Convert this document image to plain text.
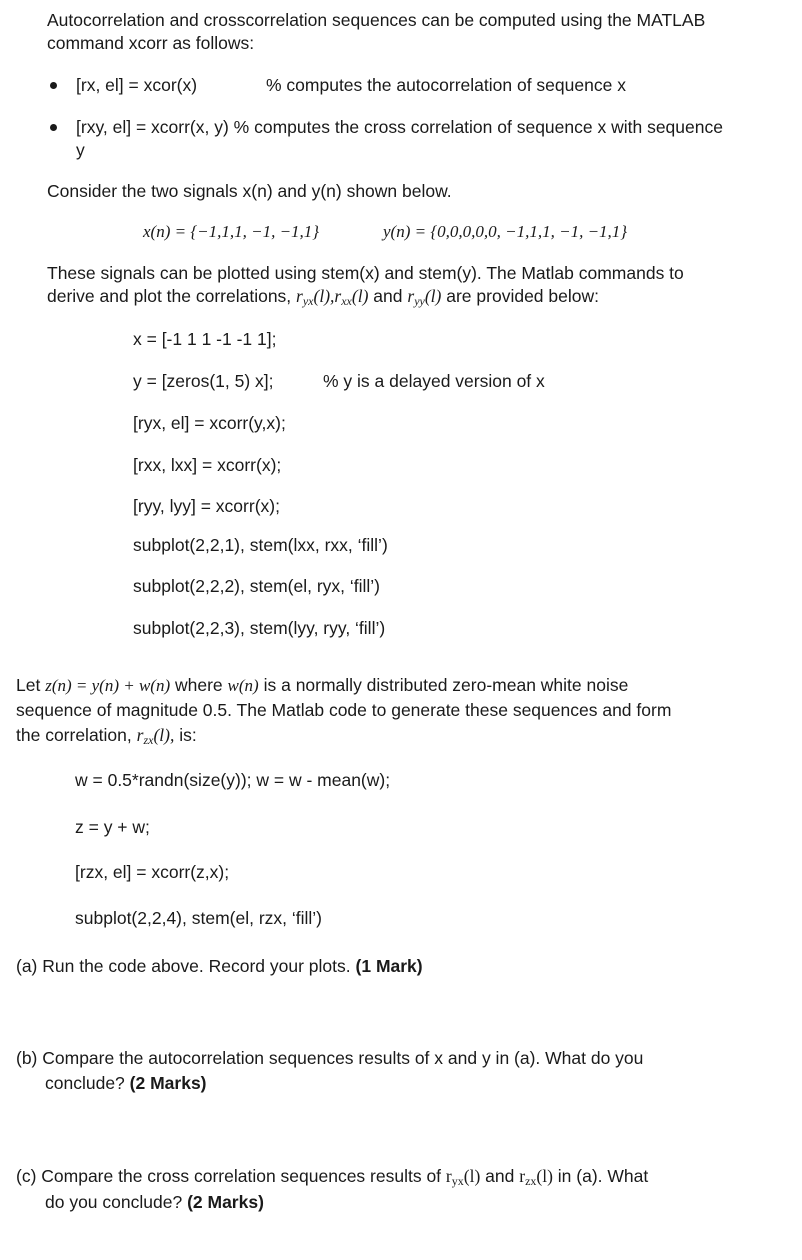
Autocorrelation and crosscorrelation sequences can be computed using the MATLAB
command xcorr as follows:
[rx, el] = xcor(x)	% computes the autocorrelation of sequence x
[rxy, el] = xcorr(x, y) % computes the cross correlation of sequence x with sequence
y
Consider the two signals x(n) and y(n) shown below.
x(n) = {−1,1,1, −1, −1,1}	y(n) = {0,0,0,0,0, −1,1,1, −1, −1,1}
These signals can be plotted using stem(x) and stem(y). The Matlab commands to
derive and plot the correlations, ryx(l),rxx(l) and ryy(l) are provided below:
x = [-1 1 1 -1 -1 1];
y = [zeros(1, 5) x];	% y is a delayed version of x
[ryx, el] = xcorr(y,x);
[rxx, lxx] = xcorr(x);
[ryy, lyy] = xcorr(x);
subplot(2,2,1), stem(lxx, rxx, ‘fill’)
subplot(2,2,2), stem(el, ryx, ‘fill’)
subplot(2,2,3), stem(lyy, ryy, ‘fill’)
Let z(n) = y(n) + w(n) where w(n) is a normally distributed zero-mean white noise
sequence of magnitude 0.5. The Matlab code to generate these sequences and form
the correlation, rzx(l), is:
w = 0.5*randn(size(y)); w = w - mean(w);
z = y + w;
[rzx, el] = xcorr(z,x);
subplot(2,2,4), stem(el, rzx, ‘fill’)
(a) Run the code above. Record your plots. (1 Mark)
(b) Compare the autocorrelation sequences results of x and y in (a). What do you
conclude? (2 Marks)
(c) Compare the cross correlation sequences results of $r_{yx}(l)$ and $r_{zx}(l)$ in (a). What
do you conclude? (2 Marks)
